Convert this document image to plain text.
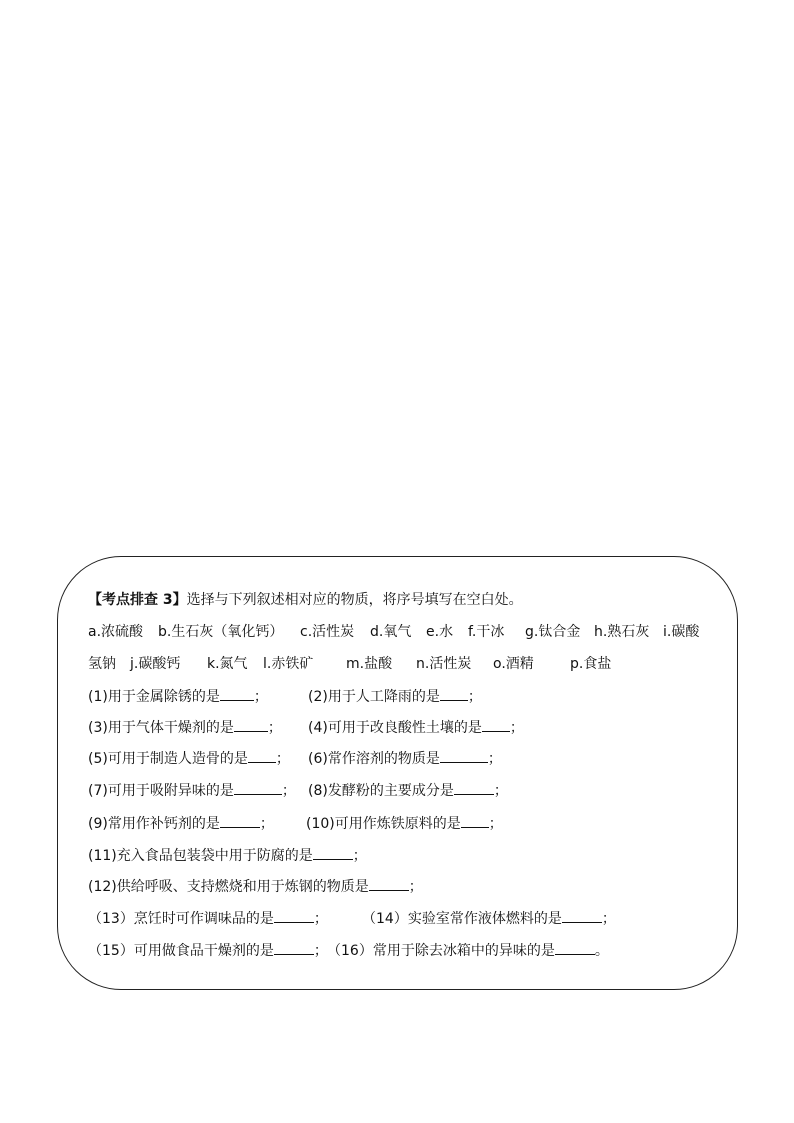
【考点排查 3】选择与下列叙述相对应的物质，将序号填写在空白处。
a.浓硫酸 b.生石灰（氧化钙） c.活性炭 d.氧气 e.水 f.干冰 g.钛合金 h.熟石灰 i.碳酸
氢钠 j.碳酸钙 k.氮气 l.赤铁矿 m.盐酸 n.活性炭 o.酒精	p.食盐
(1)用于金属除锈的是 ；	(2)用于人工降雨的是 ；
(3)用于气体干燥剂的是 ； (4)可用于改良酸性土壤的是 ；
(5)可用于制造人造骨的是 ； (6)常作溶剂的物质是	；
(7)可用于吸附异味的是	； (8)发酵粉的主要成分是	；
(9)常用作补钙剂的是	； (10)可用作炼铁原料的是 ；
(11)充入食品包装袋中用于防腐的是	；
(12)供给呼吸、支持燃烧和用于炼钢的物质是	；
（13）烹饪时可作调味品的是	； （14）实验室常作液体燃料的是	；
（15）可用做食品干燥剂的是	； （16）常用于除去冰箱中的异味的是	。
